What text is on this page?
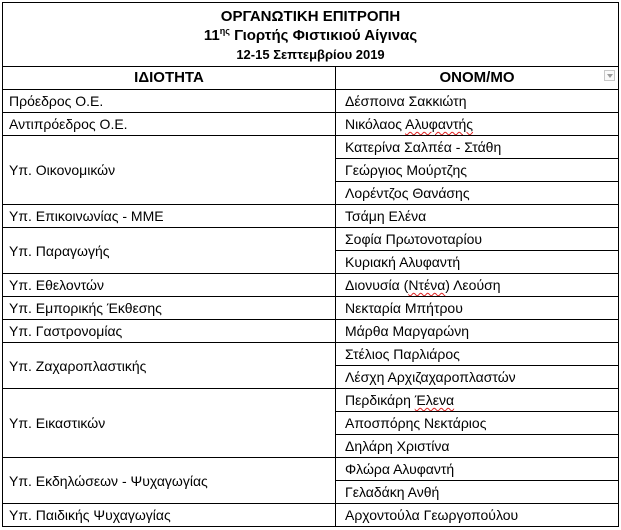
ΟΡΓΑΝΩΤΙΚΗ ΕΠΙΤΡΟΠΗ
$11^{\eta\varsigma}$ Γιορτής Φιστικιού Αίγινας
12-15 Σεπτεμβρίου 2019	

ΙΔΙΟΤΗΤΑ	ΟΝΟΜ/ΜΟ

Πρόεδρος Ο.Ε.	Δέσποινα Σακκιώτη
Αντιπρόεδρος Ο.Ε.	Νικόλαος Αλυφαντής
Υπ. Οικονομικών	Κατερίνα Σαλπέα - Στάθη
	Γεώργιος Μούρτζης
	Λορέντζος Θανάσης
Υπ. Επικοινωνίας - ΜΜΕ	Τσάμη Ελένα
Υπ. Παραγωγής	Σοφία Πρωτονοταρίου
	Κυριακή Αλυφαντή
Υπ. Εθελοντών	Διονυσία (Ντένα) Λεούση
Υπ. Εμπορικής Έκθεσης	Νεκταρία Μπήτρου
Υπ. Γαστρονομίας	Μάρθα Μαργαρώνη
Υπ. Ζαχαροπλαστικής	Στέλιος Παρλιάρος
	Λέσχη Αρχιζαχαροπλαστών
Υπ. Εικαστικών	Περδικάρη Έλενα
	Αποσπόρης Νεκτάριος
	Δηλάρη Χριστίνα
Υπ. Εκδηλώσεων - Ψυχαγωγίας	Φλώρα Αλυφαντή
	Γελαδάκη Ανθή
Υπ. Παιδικής Ψυχαγωγίας	Αρχοντούλα Γεωργοπούλου
